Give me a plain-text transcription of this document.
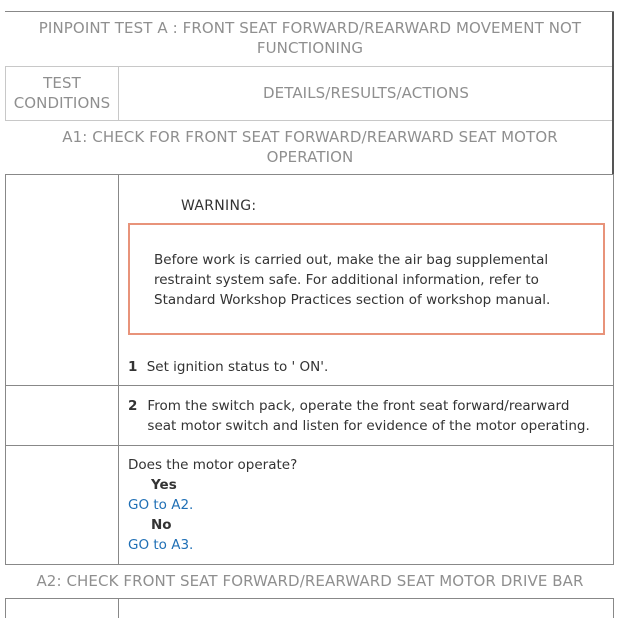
PINPOINT TEST A : FRONT SEAT FORWARD/REARWARD MOVEMENT NOT FUNCTIONING
TEST CONDITIONS
DETAILS/RESULTS/ACTIONS
A1: CHECK FOR FRONT SEAT FORWARD/REARWARD SEAT MOTOR OPERATION
WARNING:
Before work is carried out, make the air bag supplemental restraint system safe. For additional information, refer to Standard Workshop Practices section of workshop manual.
1 Set ignition status to ' ON'.
2 From the switch pack, operate the front seat forward/rearward seat motor switch and listen for evidence of the motor operating.
Does the motor operate?
Yes
GO to A2.
No
GO to A3.
A2: CHECK FRONT SEAT FORWARD/REARWARD SEAT MOTOR DRIVE BAR
